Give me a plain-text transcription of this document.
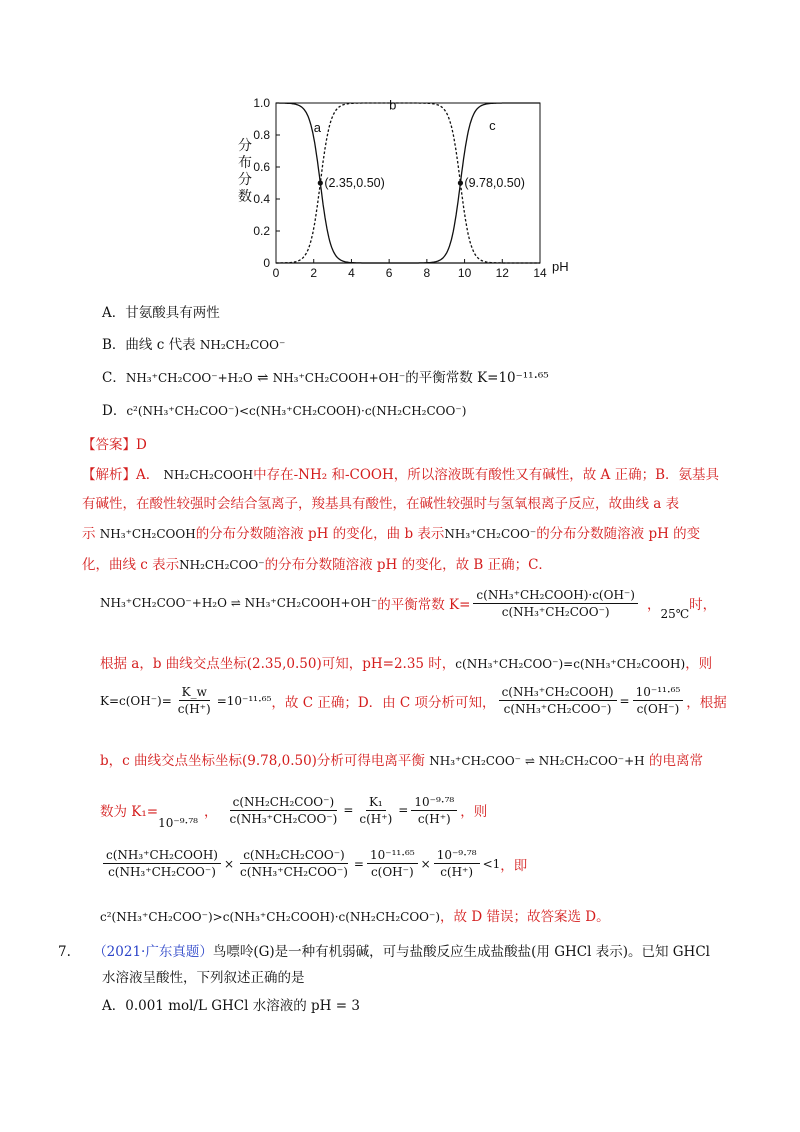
0	2	4	6	8 10 12 14
0
0.2
0.4
0.6
0.8
1.0
pH
分布分数
a
b
c
(2.35,0.50)	(9.78,0.50)
A．甘氨酸具有两性
B．曲线 c 代表 NH₂CH₂COO⁻
C．NH₃⁺CH₂COO⁻+H₂O ⇌ NH₃⁺CH₂COOH+OH⁻的平衡常数 K=10⁻¹¹·⁶⁵
D．c²(NH₃⁺CH₂COO⁻)<c(NH₃⁺CH₂COOH)·c(NH₂CH₂COO⁻)
【答案】D
【解析】A． NH₂CH₂COOH中存在-NH₂ 和-COOH，所以溶液既有酸性又有碱性，故 A 正确；B．氨基具
有碱性，在酸性较强时会结合氢离子，羧基具有酸性，在碱性较强时与氢氧根离子反应，故曲线 a 表
示 NH₃⁺CH₂COOH的分布分数随溶液 pH 的变化，曲 b 表示NH₃⁺CH₂COO⁻的分布分数随溶液 pH 的变
化，曲线 c 表示NH₂CH₂COO⁻的分布分数随溶液 pH 的变化，故 B 正确；C．
NH₃⁺CH₂COO⁻+H₂O ⇌ NH₃⁺CH₂COOH+OH⁻ 的平衡常数 $K= \frac{\text{c(NH₃⁺CH₂COOH)·c(OH⁻)}}{\text{c(NH₃⁺CH₂COO⁻)}}$ ，
25℃
时，
根据 a，b 曲线交点坐标(2.35,0.50)可知，pH=2.35 时，c(NH₃⁺CH₂COO⁻)=c(NH₃⁺CH₂COOH)，则
$K=c(OH^-)= \frac{K\_w}{c(H^+)} =10^{-11}\cdot^{65}$ ，故 C 正确；D．由 C 项分析可知， $\frac{\text{c(NH₃⁺CH₂COOH)}}{\text{c(NH₃⁺CH₂COO⁻)}} = \frac{\text{10⁻¹¹·⁶⁵}}{c(OH^-)}$ ，根据
b，c 曲线交点坐标坐标(9.78,0.50)分析可得电离平衡 NH₃⁺CH₂COO⁻ ⇌ NH₂CH₂COO⁻+H 的电离常
数为 K₁=
10⁻⁹·⁷⁸
， $\frac{\text{c(NH₂CH₂COO⁻)}}{\text{c(NH₃⁺CH₂COO⁻)}} = \frac{\text{K₁}}{c(H^+)} = \frac{\text{10⁻⁹·⁷⁸}}{c(H^+)}$ ，则
$\frac{\text{c(NH₃⁺CH₂COOH)}}{\text{c(NH₃⁺CH₂COO⁻)}} \times \frac{\text{c(NH₂CH₂COO⁻)}}{\text{c(NH₃⁺CH₂COO⁻)}} = \frac{\text{10⁻¹¹·⁶⁵}}{c(OH^-)} \times \frac{\text{10⁻⁹·⁷⁸}}{c(H^+)} <1$ ，即
c²(NH₃⁺CH₂COO⁻)>c(NH₃⁺CH₂COOH)·c(NH₂CH₂COO⁻)，故 D 错误；故答案选 D。
7. （2021·广东真题）鸟嘌呤(G)是一种有机弱碱，可与盐酸反应生成盐酸盐(用 GHCl 表示)。已知 GHCl
水溶液呈酸性，下列叙述正确的是
A．0.001 mol/L GHCl 水溶液的 pH = 3
